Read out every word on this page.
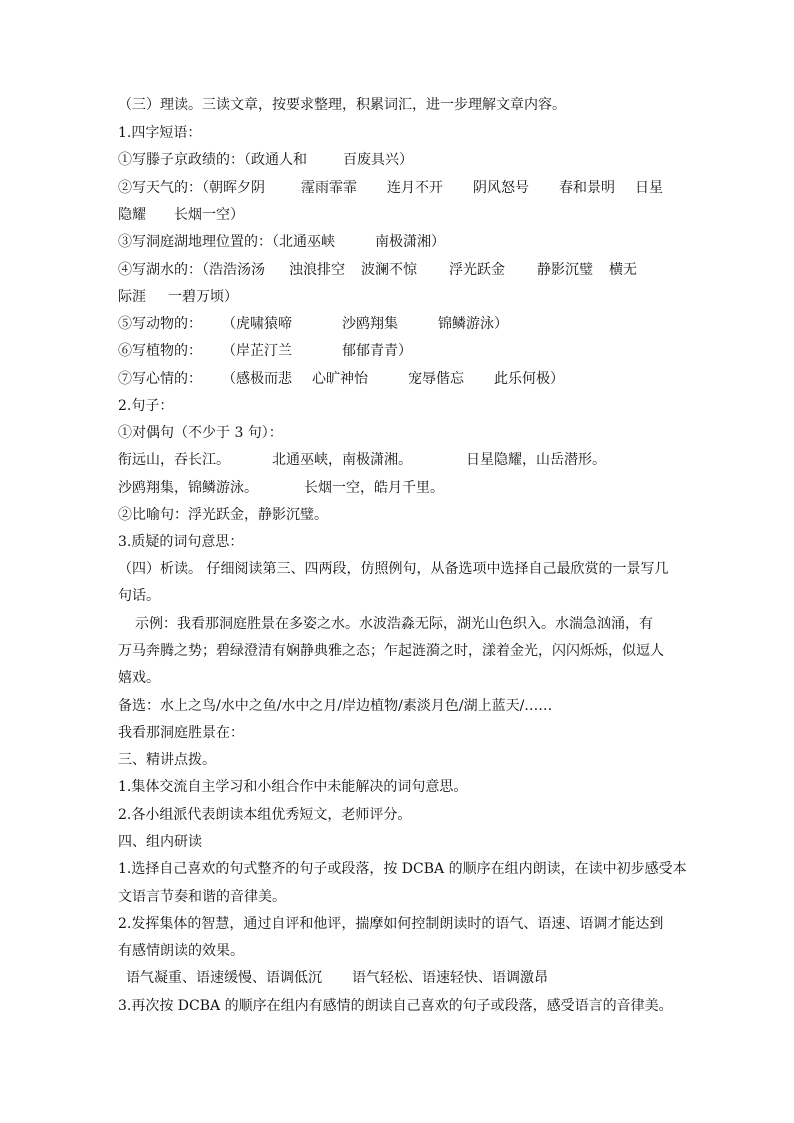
（三）理读。三读文章，按要求整理，积累词汇，进一步理解文章内容。
1.四字短语：
①写滕子京政绩的：（政通人和	百废具兴）
②写天气的：（朝晖夕阴	霪雨霏霏 连月不开 阴风怒号 春和景明 日星
隐耀 长烟一空）
③写洞庭湖地理位置的：（北通巫峡	南极潇湘）
④写湖水的：（浩浩汤汤 浊浪排空 波澜不惊 浮光跃金 静影沉璧 横无
际涯 一碧万顷）
⑤写动物的： （虎啸猿啼	沙鸥翔集	锦鳞游泳）
⑥写植物的： （岸芷汀兰	郁郁青青）
⑦写心情的： （感极而悲 心旷神怡	宠辱偕忘 此乐何极）
2.句子：
①对偶句（不少于 3 句）：
衔远山，吞长江。	北通巫峡，南极潇湘。	日星隐耀，山岳潜形。
沙鸥翔集，锦鳞游泳。	长烟一空，皓月千里。
②比喻句：浮光跃金，静影沉璧。
3.质疑的词句意思：
（四）析读。 仔细阅读第三、四两段，仿照例句，从备选项中选择自己最欣赏的一景写几
句话。
示例：我看那洞庭胜景在多姿之水。水波浩淼无际，湖光山色织入。水湍急汹涌，有
万马奔腾之势；碧绿澄清有娴静典雅之态；乍起涟漪之时，漾着金光，闪闪烁烁，似逗人
嬉戏。
备选：水上之鸟/水中之鱼/水中之月/岸边植物/素淡月色/湖上蓝天/……
我看那洞庭胜景在：
三、精讲点拨。
1.集体交流自主学习和小组合作中未能解决的词句意思。
2.各小组派代表朗读本组优秀短文，老师评分。
四、组内研读
1.选择自己喜欢的句式整齐的句子或段落，按 DCBA 的顺序在组内朗读，在读中初步感受本
文语言节奏和谐的音律美。
2.发挥集体的智慧，通过自评和他评，揣摩如何控制朗读时的语气、语速、语调才能达到
有感情朗读的效果。
语气凝重、语速缓慢、语调低沉 语气轻松、语速轻快、语调激昂
3.再次按 DCBA 的顺序在组内有感情的朗读自己喜欢的句子或段落，感受语言的音律美。
